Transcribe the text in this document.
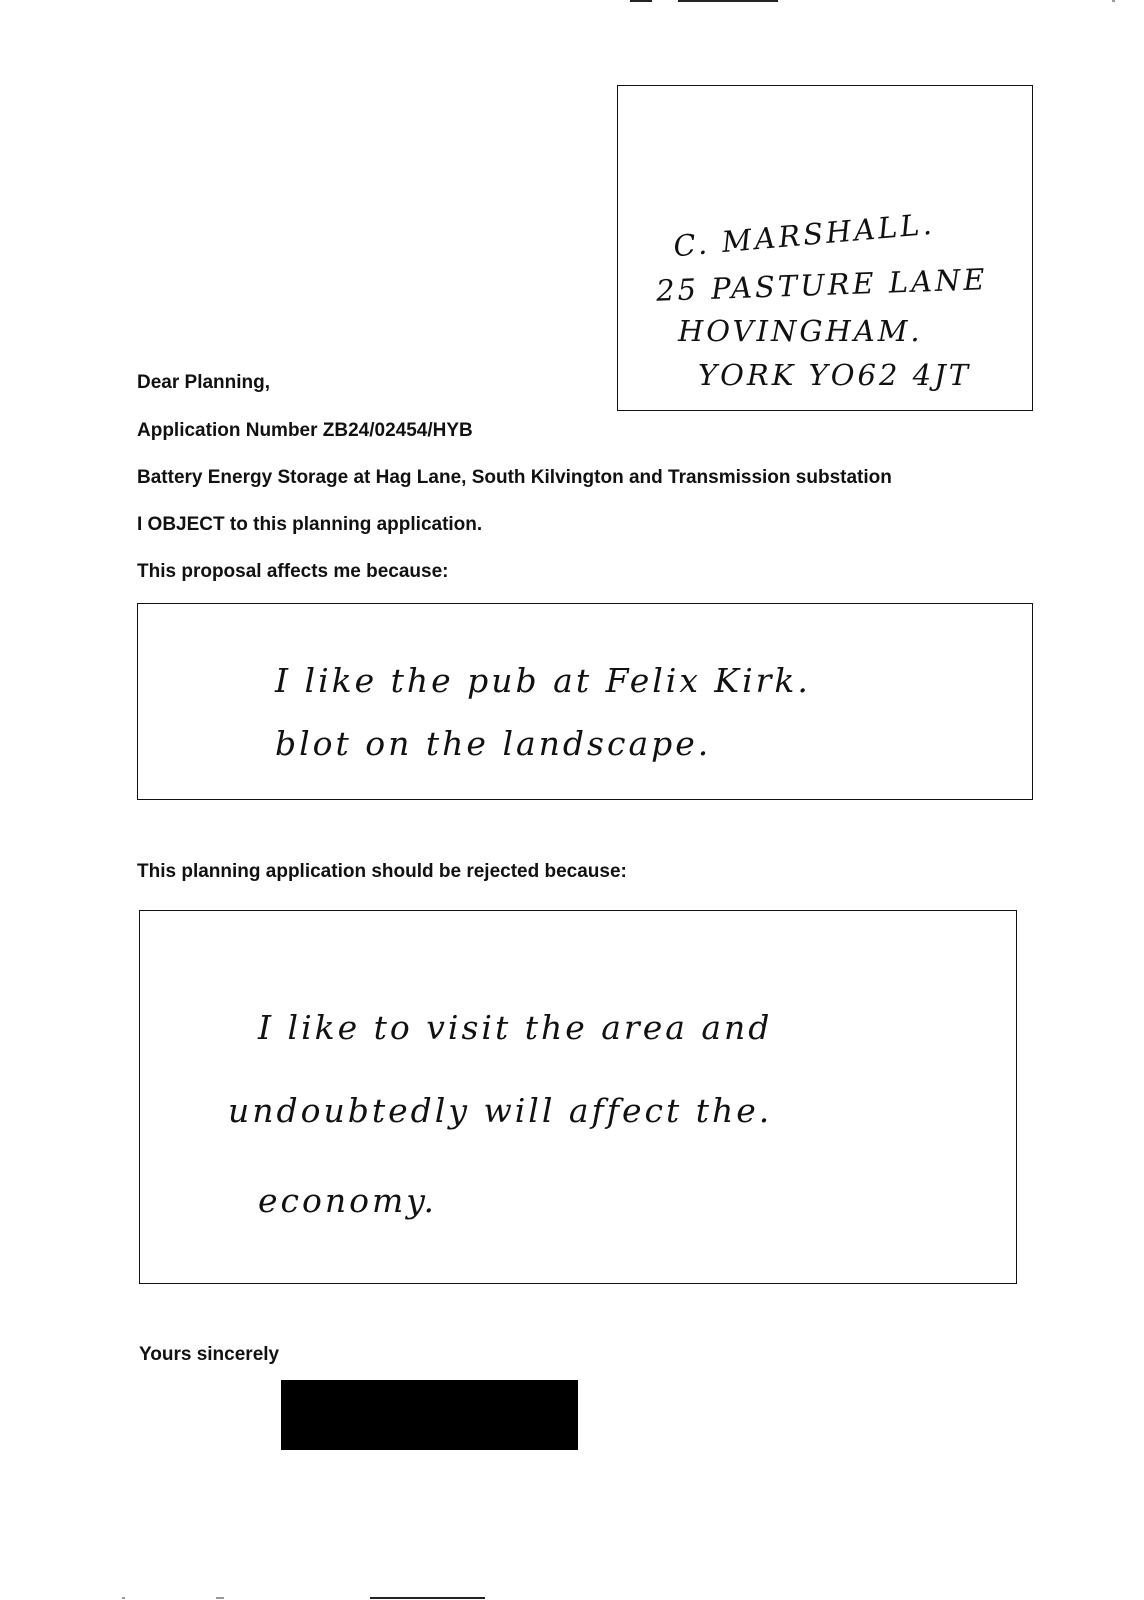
C. MARSHALL.
25 PASTURE LANE
HOVINGHAM.
YORK YO62 4JT
Dear Planning,
Application Number ZB24/02454/HYB
Battery Energy Storage at Hag Lane, South Kilvington and Transmission substation
I OBJECT to this planning application.
This proposal affects me because:
I like the pub at Felix Kirk.
blot on the landscape.
This planning application should be rejected because:
I like to visit the area and
undoubtedly will affect the.
economy.
Yours sincerely
